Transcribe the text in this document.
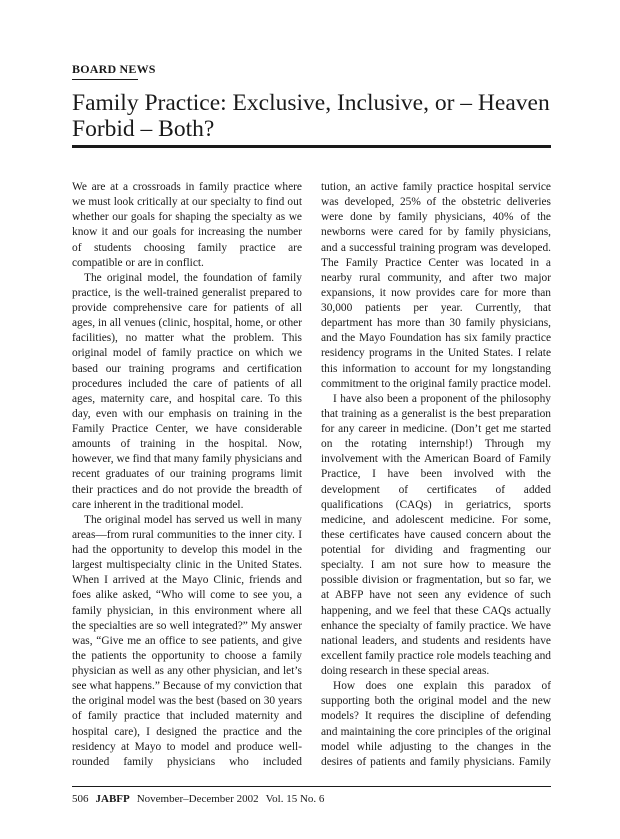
BOARD NEWS
Family Practice: Exclusive, Inclusive, or – Heaven Forbid – Both?

We are at a crossroads in family practice where we must look critically at our specialty to find out whether our goals for shaping the specialty as we know it and our goals for increasing the number of students choosing family practice are compatible or are in conflict.

The original model, the foundation of family practice, is the well-trained generalist prepared to provide comprehensive care for patients of all ages, in all venues (clinic, hospital, home, or other facilities), no matter what the problem. This original model of family practice on which we based our training programs and certification procedures included the care of patients of all ages, maternity care, and hospital care. To this day, even with our emphasis on training in the Family Practice Center, we have considerable amounts of training in the hospital. Now, however, we find that many family physicians and recent graduates of our training programs limit their practices and do not provide the breadth of care inherent in the traditional model.

The original model has served us well in many areas—from rural communities to the inner city. I had the opportunity to develop this model in the largest multispecialty clinic in the United States. When I arrived at the Mayo Clinic, friends and foes alike asked, “Who will come to see you, a family physician, in this environment where all the specialties are so well integrated?” My answer was, “Give me an office to see patients, and give the patients the opportunity to choose a family physician as well as any other physician, and let’s see what happens.” Because of my conviction that the original model was the best (based on 30 years of family practice that included maternity and hospital care), I designed the practice and the residency at Mayo to model and produce well-rounded family physicians who included

tution, an active family practice hospital service was developed, 25% of the obstetric deliveries were done by family physicians, 40% of the newborns were cared for by family physicians, and a successful training program was developed. The Family Practice Center was located in a nearby rural community, and after two major expansions, it now provides care for more than 30,000 patients per year. Currently, that department has more than 30 family physicians, and the Mayo Foundation has six family practice residency programs in the United States. I relate this information to account for my longstanding commitment to the original family practice model.

I have also been a proponent of the philosophy that training as a generalist is the best preparation for any career in medicine. (Don’t get me started on the rotating internship!) Through my involvement with the American Board of Family Practice, I have been involved with the development of certificates of added qualifications (CAQs) in geriatrics, sports medicine, and adolescent medicine. For some, these certificates have caused concern about the potential for dividing and fragmenting our specialty. I am not sure how to measure the possible division or fragmentation, but so far, we at ABFP have not seen any evidence of such happening, and we feel that these CAQs actually enhance the specialty of family practice. We have national leaders, and students and residents have excellent family practice role models teaching and doing research in these special areas.

How does one explain this paradox of supporting both the original model and the new models? It requires the discipline of defending and maintaining the core principles of the original model while adjusting to the changes in the desires of patients and family physicians. Family

506 JABFP November–December 2002 Vol. 15 No. 6
